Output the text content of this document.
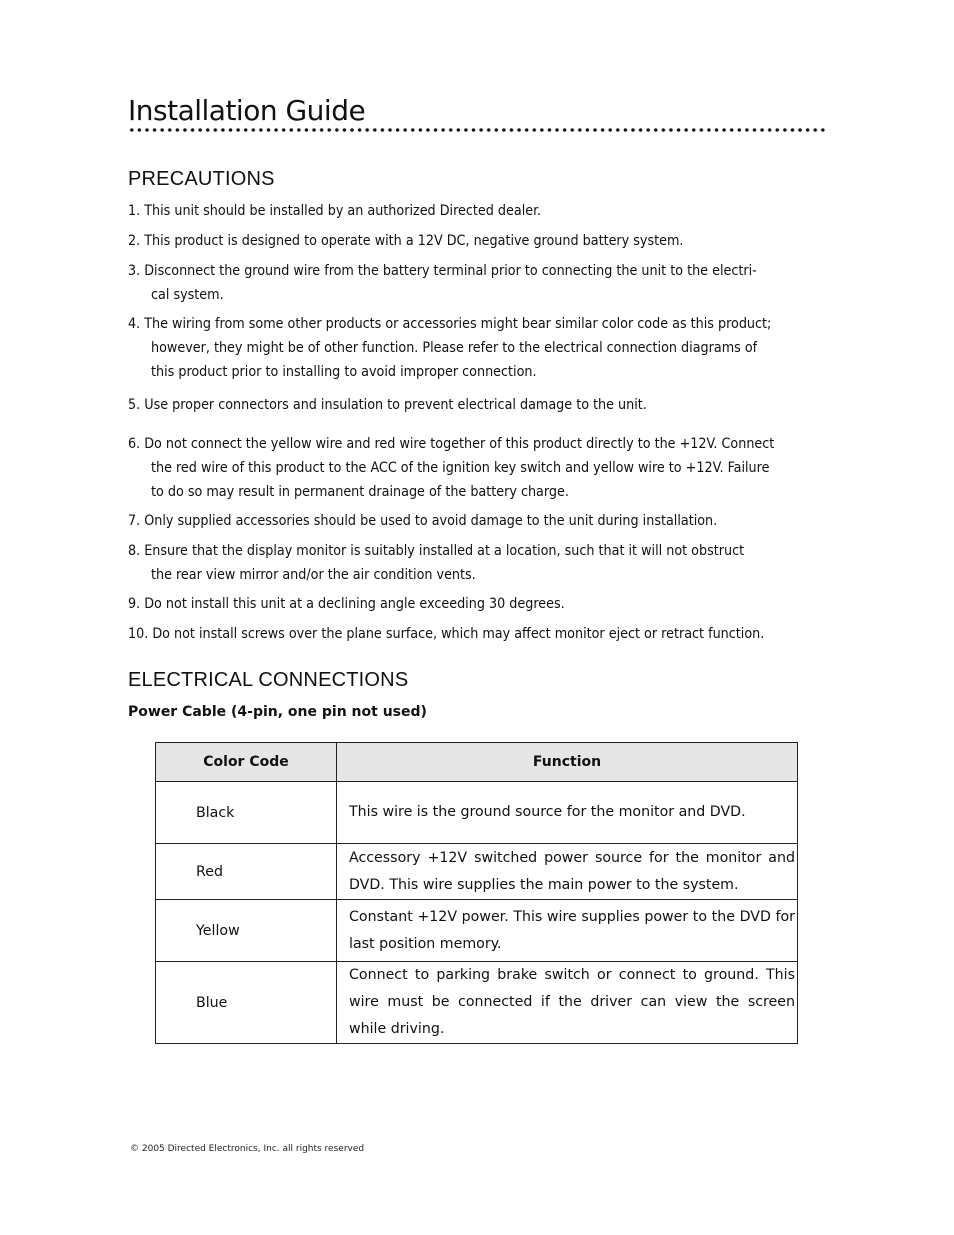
Installation Guide
PRECAUTIONS
1. This unit should be installed by an authorized Directed dealer.
2. This product is designed to operate with a 12V DC, negative ground battery system.
3. Disconnect the ground wire from the battery terminal prior to connecting the unit to the electri-
cal system.
4. The wiring from some other products or accessories might bear similar color code as this product;
however, they might be of other function. Please refer to the electrical connection diagrams of
this product prior to installing to avoid improper connection.
5. Use proper connectors and insulation to prevent electrical damage to the unit.
6. Do not connect the yellow wire and red wire together of this product directly to the +12V. Connect
the red wire of this product to the ACC of the ignition key switch and yellow wire to +12V. Failure
to do so may result in permanent drainage of the battery charge.
7. Only supplied accessories should be used to avoid damage to the unit during installation.
8. Ensure that the display monitor is suitably installed at a location, such that it will not obstruct
the rear view mirror and/or the air condition vents.
9. Do not install this unit at a declining angle exceeding 30 degrees.
10. Do not install screws over the plane surface, which may affect monitor eject or retract function.
ELECTRICAL CONNECTIONS
Power Cable (4-pin, one pin not used)
Color Code	Function
Black	This wire is the ground source for the monitor and DVD.
Red	Accessory +12V switched power source for the monitor and DVD. This wire supplies the main power to the system.
Yellow	Constant +12V power. This wire supplies power to the DVD for last position memory.
Blue	Connect to parking brake switch or connect to ground. This wire must be connected if the driver can view the screen while driving.
© 2005 Directed Electronics, Inc. all rights reserved
